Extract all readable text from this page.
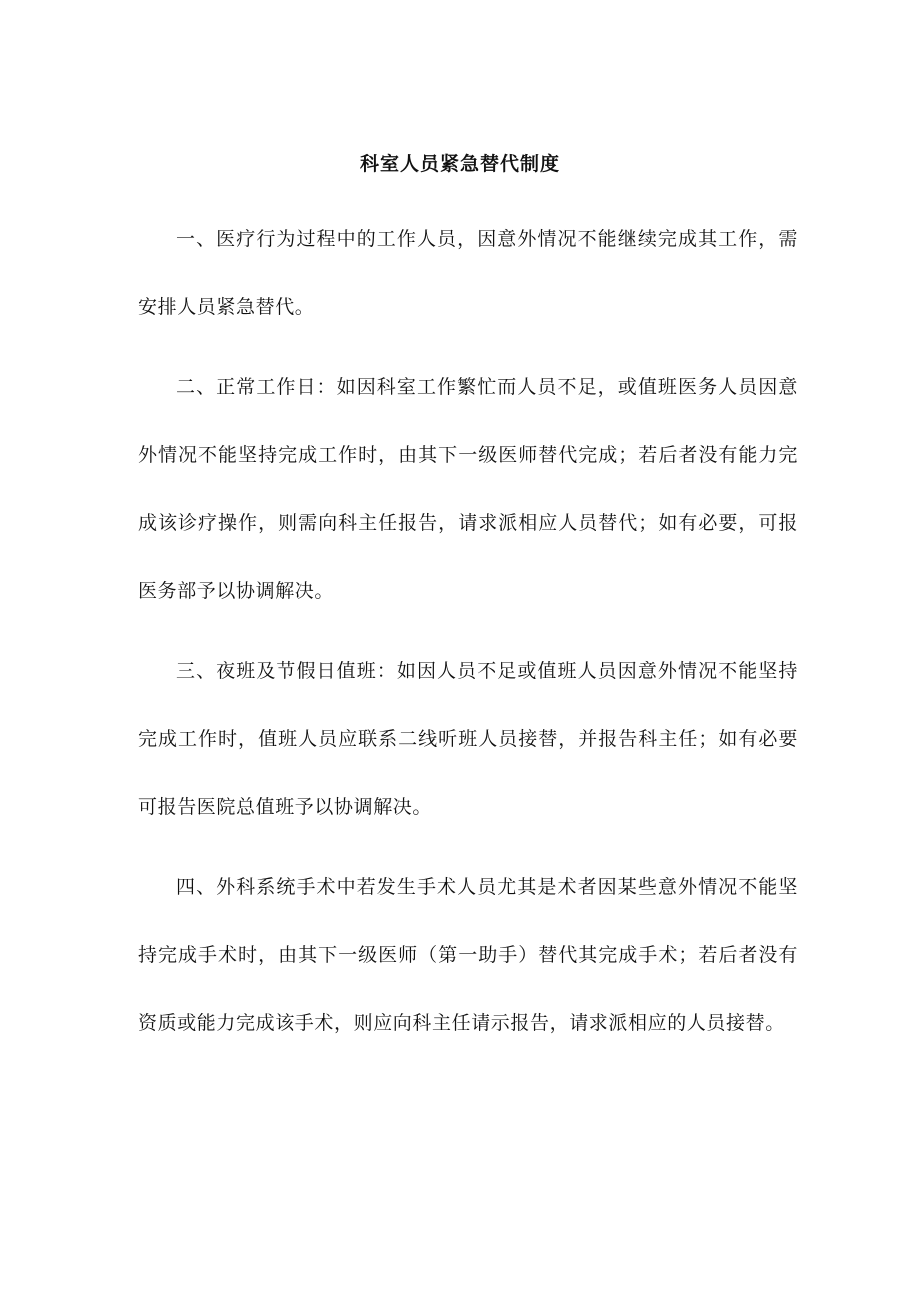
科室人员紧急替代制度

一、医疗行为过程中的工作人员，因意外情况不能继续完成其工作，需安排人员紧急替代。

二、正常工作日：如因科室工作繁忙而人员不足，或值班医务人员因意外情况不能坚持完成工作时，由其下一级医师替代完成；若后者没有能力完成该诊疗操作，则需向科主任报告，请求派相应人员替代；如有必要，可报医务部予以协调解决。

三、夜班及节假日值班：如因人员不足或值班人员因意外情况不能坚持完成工作时，值班人员应联系二线听班人员接替，并报告科主任；如有必要可报告医院总值班予以协调解决。

四、外科系统手术中若发生手术人员尤其是术者因某些意外情况不能坚持完成手术时，由其下一级医师（第一助手）替代其完成手术；若后者没有资质或能力完成该手术，则应向科主任请示报告，请求派相应的人员接替。
